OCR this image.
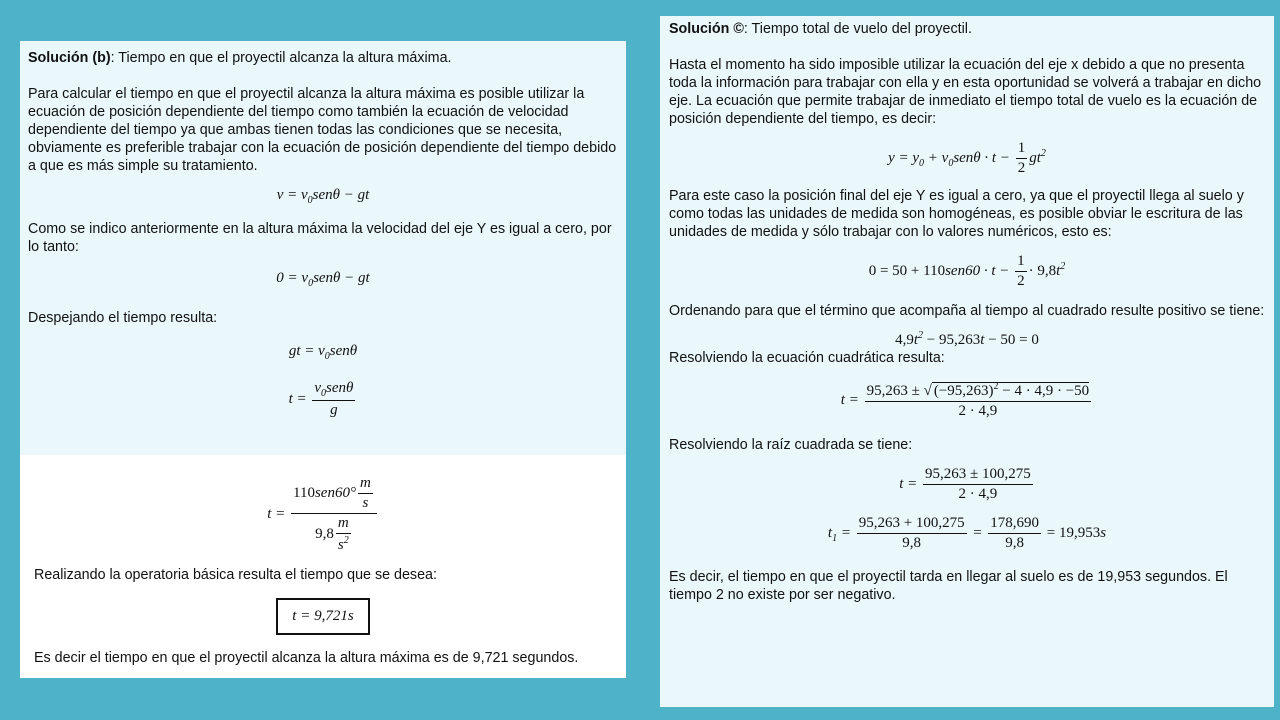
Solución (b): Tiempo en que el proyectil alcanza la altura máxima.

Para calcular el tiempo en que el proyectil alcanza la altura máxima es posible utilizar la ecuación de posición dependiente del tiempo como también la ecuación de velocidad dependiente del tiempo ya que ambas tienen todas las condiciones que se necesita, obviamente es preferible trabajar con la ecuación de posición dependiente del tiempo debido a que es más simple su tratamiento.

$v = v_0sen\theta$ − gt

Como se indico anteriormente en la altura máxima la velocidad del eje Y es igual a cero, por lo tanto:

$0 = v_0sen\theta$ − gt

Despejando el tiempo resulta:

gt = $v_0sen\theta$
$t = \frac{v_0sen\theta}{g}$
$t = \frac{110sen60^\circ \frac{m}{s}}{9,8 \frac{m}{s^2}}$

Realizando la operatoria básica resulta el tiempo que se desea:

t = 9,721s

Es decir el tiempo en que el proyectil alcanza la altura máxima es de 9,721 segundos.

Solución ©: Tiempo total de vuelo del proyectil.

Hasta el momento ha sido imposible utilizar la ecuación del eje x debido a que no presenta toda la información para trabajar con ella y en esta oportunidad se volverá a trabajar en dicho eje. La ecuación que permite trabajar de inmediato el tiempo total de vuelo es la ecuación de posición dependiente del tiempo, es decir:

$y = y_0 + v_0sen\theta \cdot t - \frac{1}{2} gt^2$

Para este caso la posición final del eje Y es igual a cero, ya que el proyectil llega al suelo y como todas las unidades de medida son homogéneas, es posible obviar le escritura de las unidades de medida y sólo trabajar con lo valores numéricos, esto es:

$0 = 50 + 110sen60 \cdot t - \frac{1}{2} \cdot 9,8t^2$

Ordenando para que el término que acompaña al tiempo al cuadrado resulte positivo se tiene:

$4,9t^2 - 95,263t - 50 = 0$

Resolviendo la ecuación cuadrática resulta:

$t = \frac{95,263 \pm √ (-95,263)^2 - 4 \cdot 4,9 \cdot -50}{2 \cdot 4,9}$

Resolviendo la raíz cuadrada se tiene:

$t = \frac{95,263 \pm 100,275}{2 \cdot 4,9}$
$t_1 = \frac{95,263 + 100,275}{9,8} = \frac{178,690}{9,8} = 19,953s$

Es decir, el tiempo en que el proyectil tarda en llegar al suelo es de 19,953 segundos. El tiempo 2 no existe por ser negativo.
